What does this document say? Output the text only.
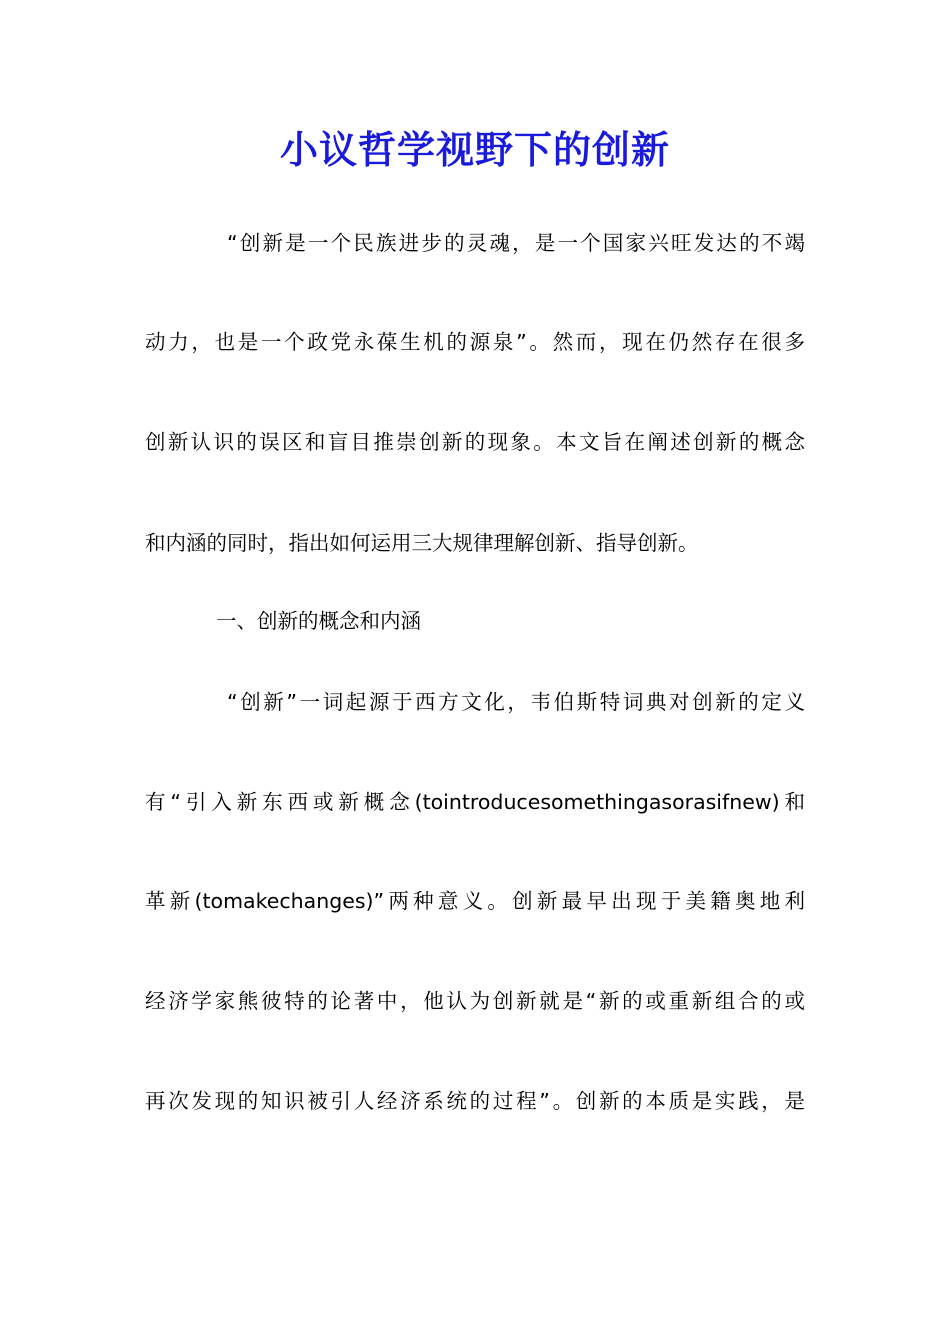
小议哲学视野下的创新
“创新是一个民族进步的灵魂，是一个国家兴旺发达的不竭
动力，也是一个政党永葆生机的源泉”。然而，现在仍然存在很多
创新认识的误区和盲目推崇创新的现象。本文旨在阐述创新的概念
和内涵的同时，指出如何运用三大规律理解创新、指导创新。
一、创新的概念和内涵
“创新”一词起源于西方文化，韦伯斯特词典对创新的定义
有“引入新东西或新概念(tointroducesomethingasorasifnew)和
革新(tomakechanges)”两种意义。创新最早出现于美籍奥地利
经济学家熊彼特的论著中，他认为创新就是“新的或重新组合的或
再次发现的知识被引人经济系统的过程”。创新的本质是实践，是
